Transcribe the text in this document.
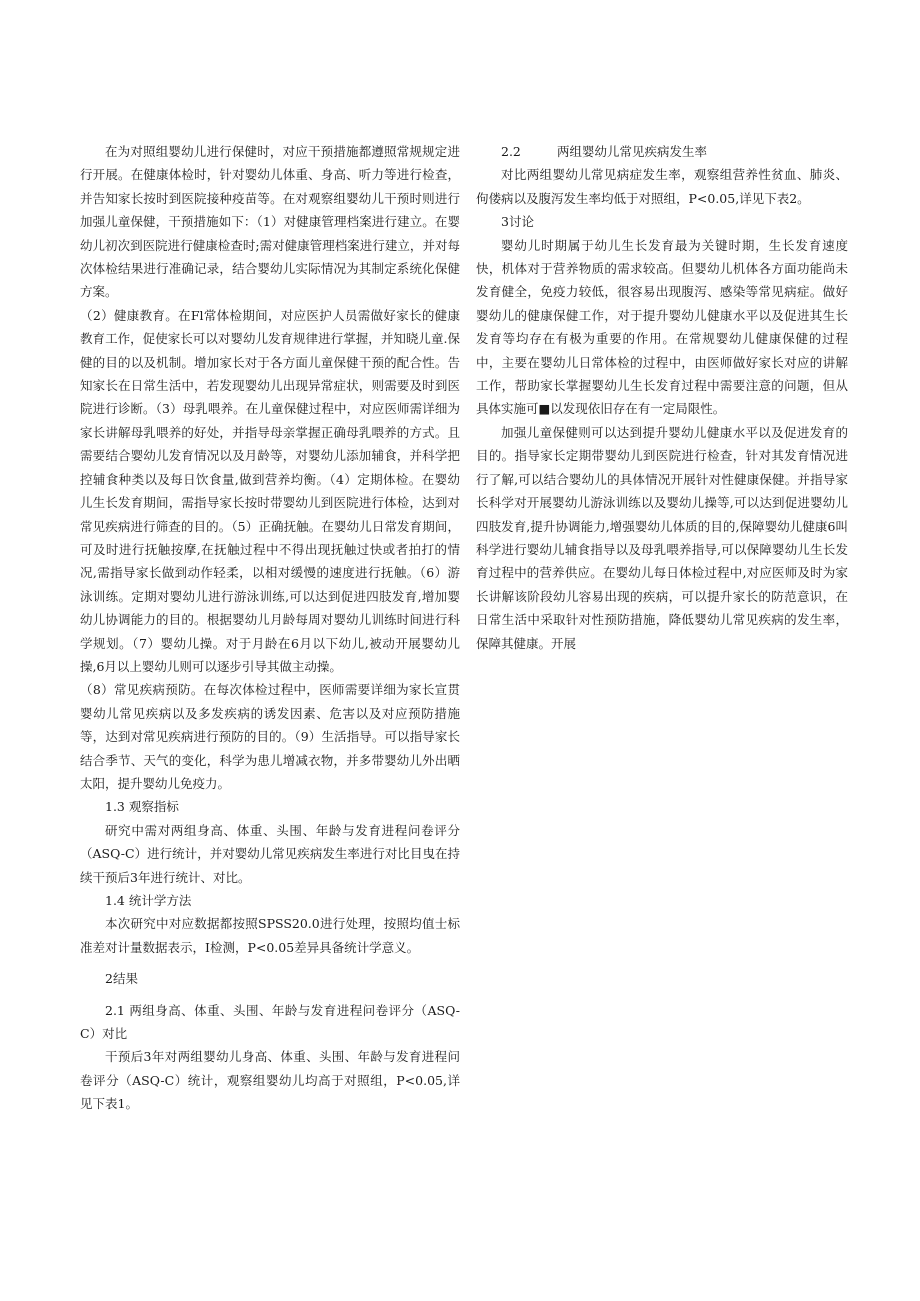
在为对照组婴幼儿进行保健时，对应干预措施都遵照常规规定进行开展。在健康体检时，针对婴幼儿体重、身高、听力等进行检查，并告知家长按时到医院接种疫苗等。在对观察组婴幼儿干预时则进行加强儿童保健，干预措施如下：（1）对健康管理档案进行建立。在婴幼儿初次到医院进行健康检查时;需对健康管理档案进行建立，并对每次体检结果进行准确记录，结合婴幼儿实际情况为其制定系统化保健方案。

（2）健康教育。在Fl常体检期间，对应医护人员需做好家长的健康教育工作，促使家长可以对婴幼儿发育规律进行掌握，并知晓儿童.保健的目的以及机制。增加家长对于各方面儿童保健干预的配合性。告知家长在日常生活中，若发现婴幼儿出现异常症状，则需要及时到医院进行诊断。（3）母乳喂养。在儿童保健过程中，对应医师需详细为家长讲解母乳喂养的好处，并指导母亲掌握正确母乳喂养的方式。且需要结合婴幼儿发育情况以及月龄等，对婴幼儿添加辅食，并科学把控辅食种类以及每日饮食量,做到营养均衡。（4）定期体检。在婴幼儿生长发育期间，需指导家长按时带婴幼儿到医院进行体检，达到对常见疾病进行筛查的目的。（5）正确抚触。在婴幼儿日常发育期间，可及时进行抚触按摩,在抚触过程中不得出现抚触过快或者拍打的情况,需指导家长做到动作轻柔，以相对缓慢的速度进行抚触。（6）游泳训练。定期对婴幼儿进行游泳训练,可以达到促进四肢发育,增加婴幼儿协调能力的目的。根据婴幼儿月龄每周对婴幼儿训练时间进行科学规划。（7）婴幼儿操。对于月龄在6月以下幼儿,被动开展婴幼儿操,6月以上婴幼儿则可以逐步引导其做主动操。

（8）常见疾病预防。在每次体检过程中，医师需要详细为家长宣贯婴幼儿常见疾病以及多发疾病的诱发因素、危害以及对应预防措施等，达到对常见疾病进行预防的目的。（9）生活指导。可以指导家长结合季节、天气的变化，科学为患儿增减衣物，并多带婴幼儿外出晒太阳，提升婴幼儿免疫力。

1.3 观察指标

研究中需对两组身高、体重、头围、年龄与发育进程问卷评分（ASQ-C）进行统计，并对婴幼儿常见疾病发生率进行对比目曳在持续干预后3年进行统计、对比。

1.4 统计学方法

本次研究中对应数据都按照SPSS20.0进行处理，按照均值士标准差对计量数据表示，I检测，P<0.05差异具备统计学意义。

2结果

2.1 两组身高、体重、头围、年龄与发育进程问卷评分（ASQ-C）对比

干预后3年对两组婴幼儿身高、体重、头围、年龄与发育进程问卷评分（ASQ-C）统计，观察组婴幼儿均高于对照组，P<0.05,详见下表1。

2.2	两组婴幼儿常见疾病发生率

对比两组婴幼儿常见病症发生率，观察组营养性贫血、肺炎、佝偻病以及腹泻发生率均低于对照组，P<0.05,详见下表2。

3讨论

婴幼儿时期属于幼儿生长发育最为关键时期，生长发育速度快，机体对于营养物质的需求较高。但婴幼儿机体各方面功能尚未发育健全，免疫力较低，很容易出现腹泻、感染等常见病症。做好婴幼儿的健康保健工作，对于提升婴幼儿健康水平以及促进其生长发育等均存在有极为重要的作用。在常规婴幼儿健康保健的过程中，主要在婴幼儿日常体检的过程中，由医师做好家长对应的讲解工作，帮助家长掌握婴幼儿生长发育过程中需要注意的问题，但从具体实施可■以发现依旧存在有一定局限性。

加强儿童保健则可以达到提升婴幼儿健康水平以及促进发育的目的。指导家长定期带婴幼儿到医院进行检查，针对其发育情况进行了解,可以结合婴幼儿的具体情况开展针对性健康保健。并指导家长科学对开展婴幼儿游泳训练以及婴幼儿操等,可以达到促进婴幼儿四肢发育,提升协调能力,增强婴幼儿体质的目的,保障婴幼儿健康6叫科学进行婴幼儿辅食指导以及母乳喂养指导,可以保障婴幼儿生长发育过程中的营养供应。在婴幼儿每日体检过程中,对应医师及时为家长讲解该阶段幼儿容易出现的疾病，可以提升家长的防范意识，在日常生活中采取针对性预防措施，降低婴幼儿常见疾病的发生率，保障其健康。开展
